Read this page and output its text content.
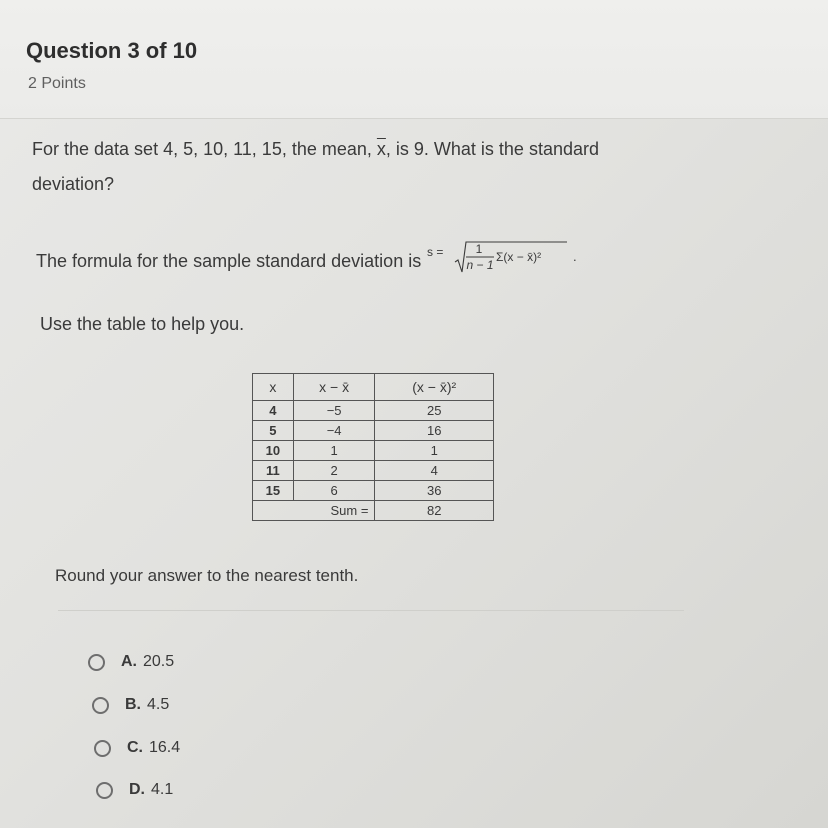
Question 3 of 10
2 Points
For the data set 4, 5, 10, 11, 15, the mean, $\overline{x}$, is 9. What is the standard deviation?
The formula for the sample standard deviation is s =	1
n − 1
Σ(x − x̄)² .
Use the table to help you.
x	x − x̄	(x − x̄)²
4	−5	25
5	−4	16
10	1	1
11	2	4
15	6	36
Sum =		82
Round your answer to the nearest tenth.
A. 20.5
B. 4.5
C. 16.4
D. 4.1
